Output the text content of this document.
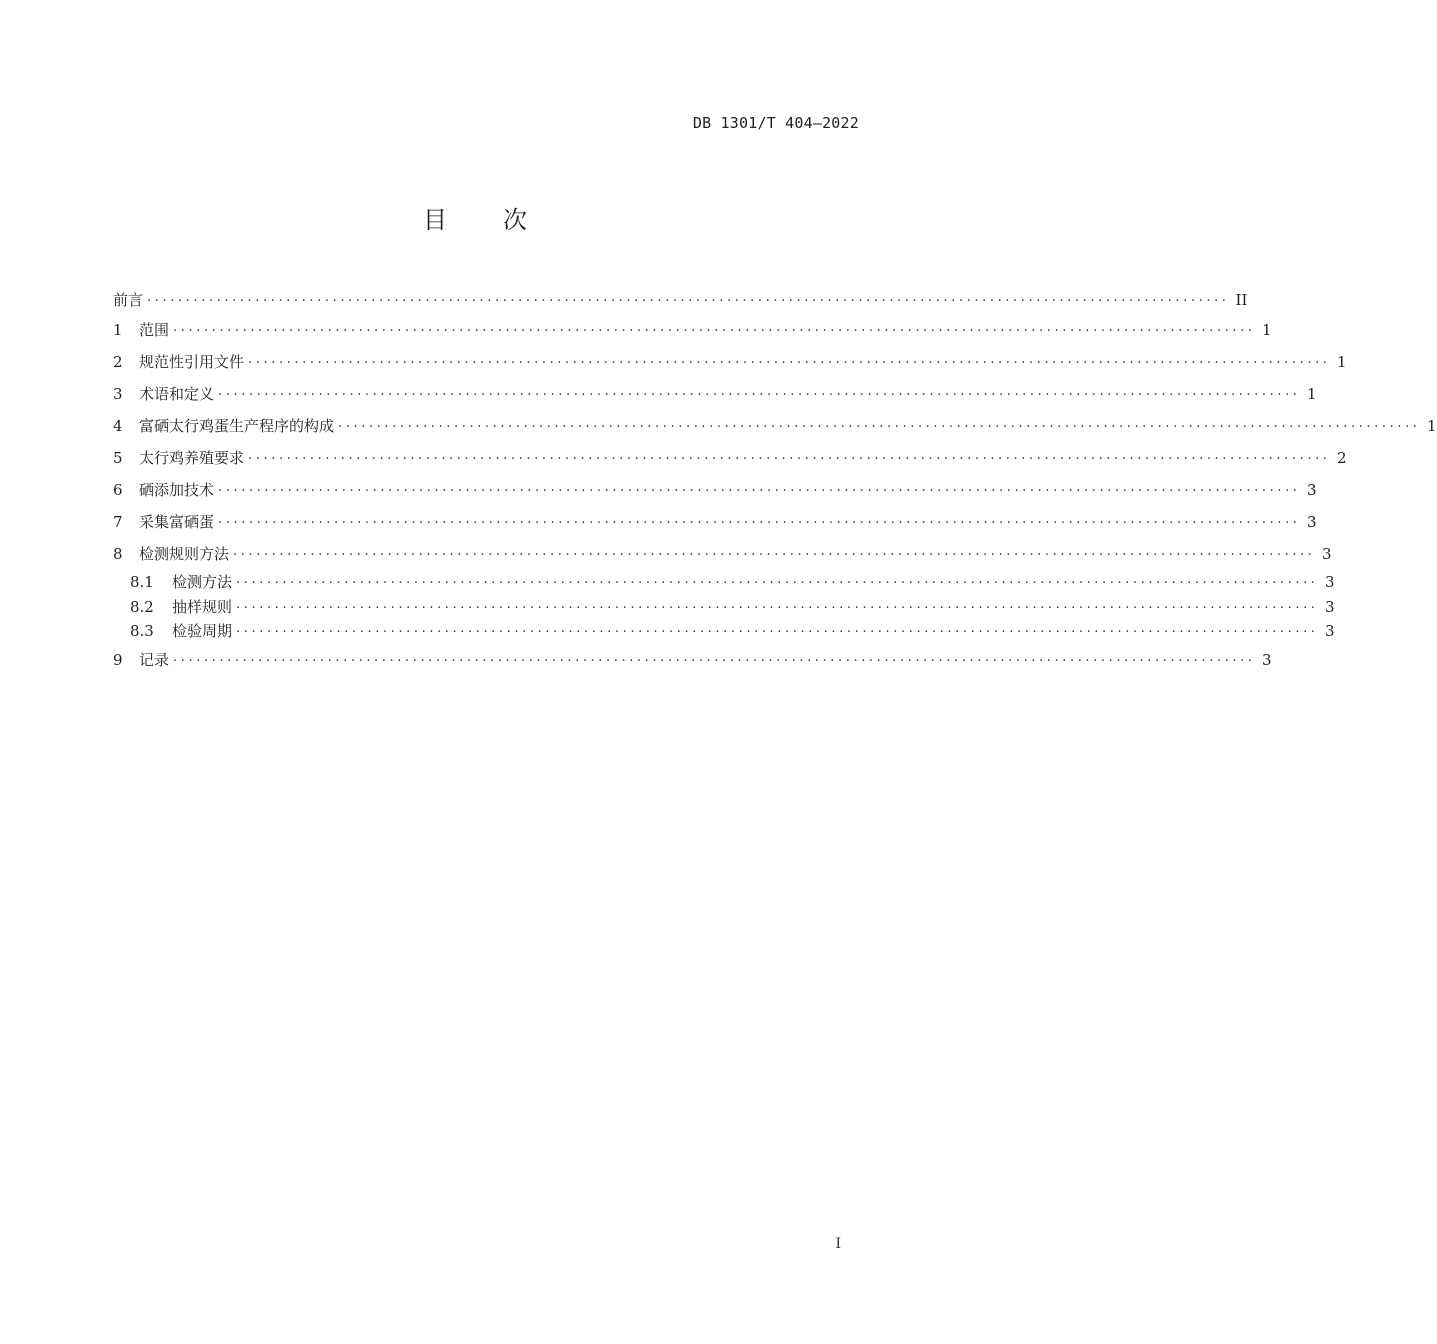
DB 1301/T 404—2022
目次
前言 ............................................................................................................................................ II
1	范围 ............................................................................................................................................ 1
2	规范性引用文件 ............................................................................................................................................ 1
3	术语和定义 ............................................................................................................................................ 1
4	富硒太行鸡蛋生产程序的构成 ............................................................................................................................................ 1
5	太行鸡养殖要求 ............................................................................................................................................ 2
6	硒添加技术 ............................................................................................................................................ 3
7	采集富硒蛋 ............................................................................................................................................ 3
8	检测规则方法 ............................................................................................................................................ 3
8.1	检测方法 ............................................................................................................................................ 3
8.2	抽样规则 ............................................................................................................................................ 3
8.3	检验周期 ............................................................................................................................................ 3
9	记录 ............................................................................................................................................ 3
I
